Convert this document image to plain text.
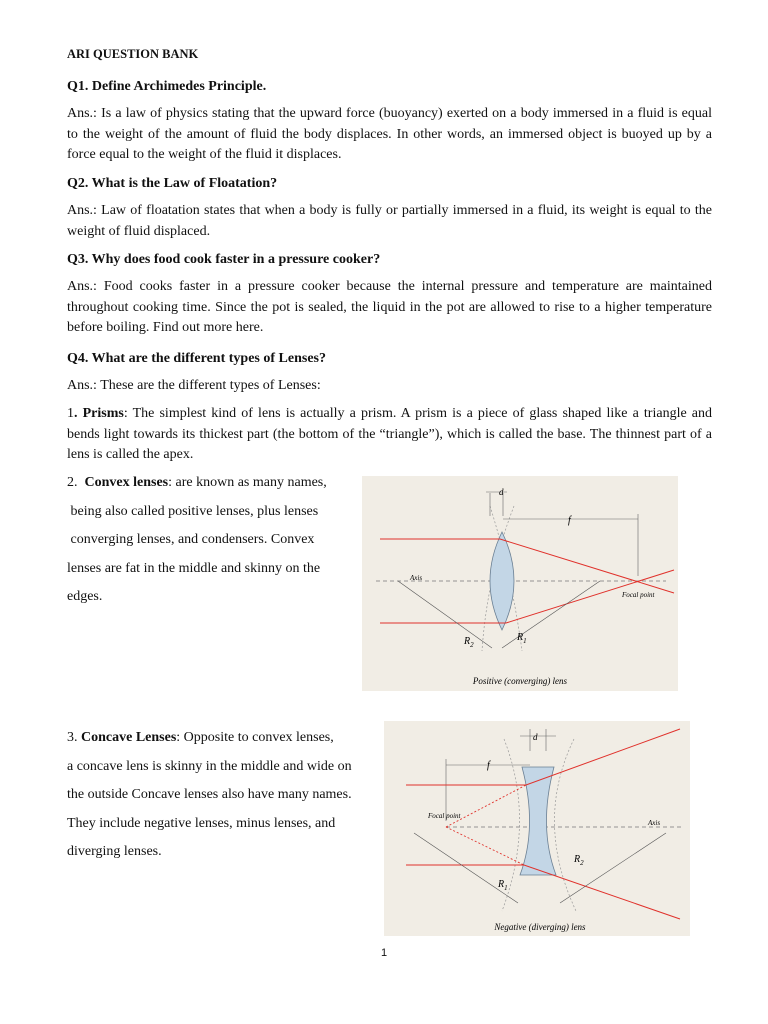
ARI QUESTION BANK
Q1. Define Archimedes Principle.
Ans.: Is a law of physics stating that the upward force (buoyancy) exerted on a body immersed in a fluid is equal to the weight of the amount of fluid the body displaces. In other words, an immersed object is buoyed up by a force equal to the weight of the fluid it displaces.
Q2. What is the Law of Floatation?
Ans.: Law of floatation states that when a body is fully or partially immersed in a fluid, its weight is equal to the weight of fluid displaced.
Q3. Why does food cook faster in a pressure cooker?
Ans.: Food cooks faster in a pressure cooker because the internal pressure and temperature are maintained throughout cooking time. Since the pot is sealed, the liquid in the pot are allowed to rise to a higher temperature before boiling. Find out more here.
Q4. What are the different types of Lenses?
Ans.: These are the different types of Lenses:
1. Prisms: The simplest kind of lens is actually a prism. A prism is a piece of glass shaped like a triangle and bends light towards its thickest part (the bottom of the “triangle”), which is called the base. The thinnest part of a lens is called the apex.
2. Convex lenses: are known as many names,
being also called positive lenses, plus lenses
converging lenses, and condensers. Convex
lenses are fat in the middle and skinny on the
edges.
3. Concave Lenses: Opposite to convex lenses,
a concave lens is skinny in the middle and wide on
the outside Concave lenses also have many names.
They include negative lenses, minus lenses, and
diverging lenses.
d
f
Axis
Focal point
$R_1$
$R_2$
Positive (converging) lens
d
f
Focal point
Axis
$R_2$
$R_1$
Negative (diverging) lens
1
